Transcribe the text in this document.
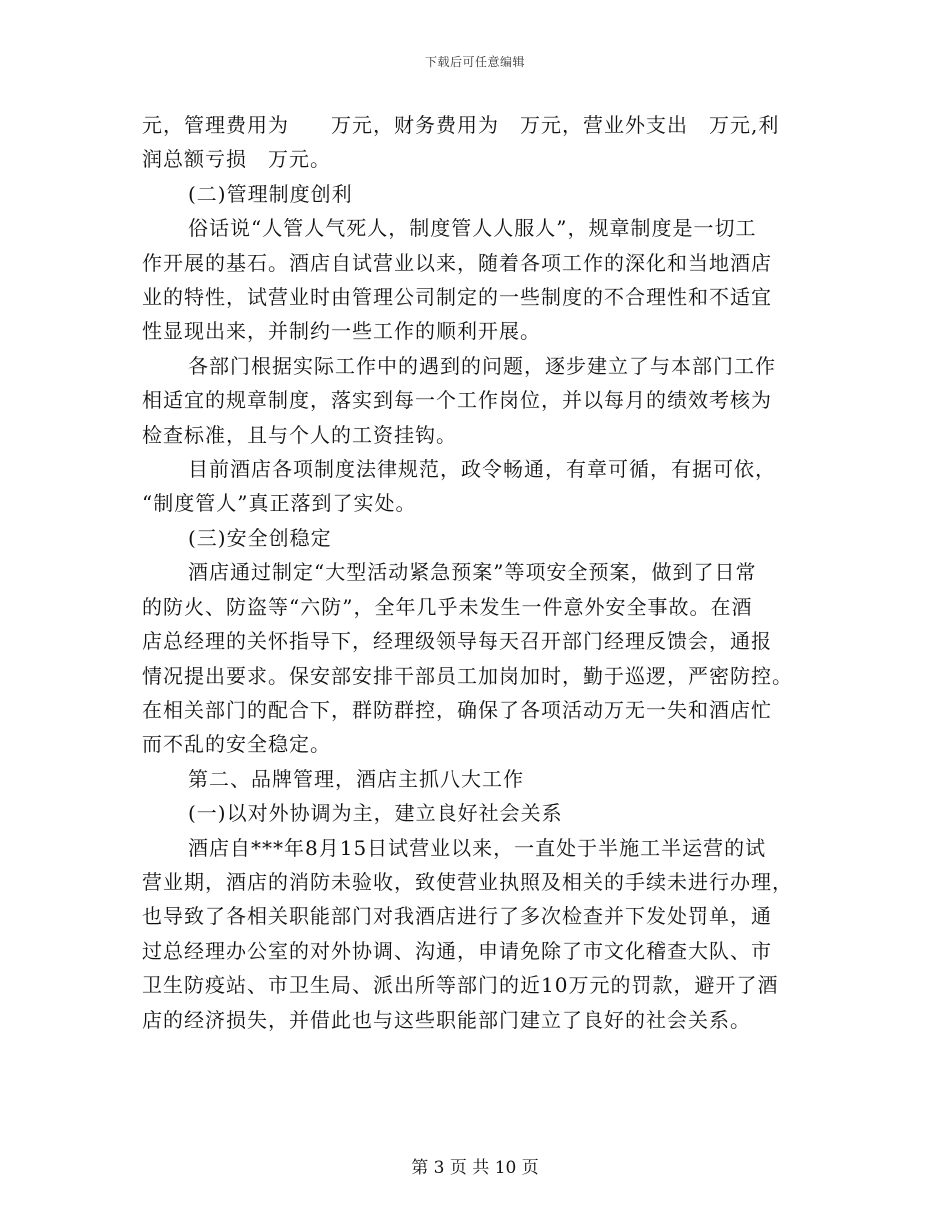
下载后可任意编辑
元，管理费用为　　万元，财务费用为　万元，营业外支出　万元,利
润总额亏损　万元。
(二)管理制度创利
俗话说“人管人气死人，制度管人人服人”，规章制度是一切工
作开展的基石。酒店自试营业以来，随着各项工作的深化和当地酒店
业的特性，试营业时由管理公司制定的一些制度的不合理性和不适宜
性显现出来，并制约一些工作的顺利开展。
各部门根据实际工作中的遇到的问题，逐步建立了与本部门工作
相适宜的规章制度，落实到每一个工作岗位，并以每月的绩效考核为
检查标准，且与个人的工资挂钩。
目前酒店各项制度法律规范，政令畅通，有章可循，有据可依，
“制度管人”真正落到了实处。
(三)安全创稳定
酒店通过制定“大型活动紧急预案”等项安全预案，做到了日常
的防火、防盗等“六防”，全年几乎未发生一件意外安全事故。在酒
店总经理的关怀指导下，经理级领导每天召开部门经理反馈会，通报
情况提出要求。保安部安排干部员工加岗加时，勤于巡逻，严密防控。
在相关部门的配合下，群防群控，确保了各项活动万无一失和酒店忙
而不乱的安全稳定。
第二、品牌管理，酒店主抓八大工作
(一)以对外协调为主，建立良好社会关系
酒店自***年8月15日试营业以来，一直处于半施工半运营的试
营业期，酒店的消防未验收，致使营业执照及相关的手续未进行办理，
也导致了各相关职能部门对我酒店进行了多次检查并下发处罚单，通
过总经理办公室的对外协调、沟通，申请免除了市文化稽查大队、市
卫生防疫站、市卫生局、派出所等部门的近10万元的罚款，避开了酒
店的经济损失，并借此也与这些职能部门建立了良好的社会关系。
第 3 页 共 10 页
